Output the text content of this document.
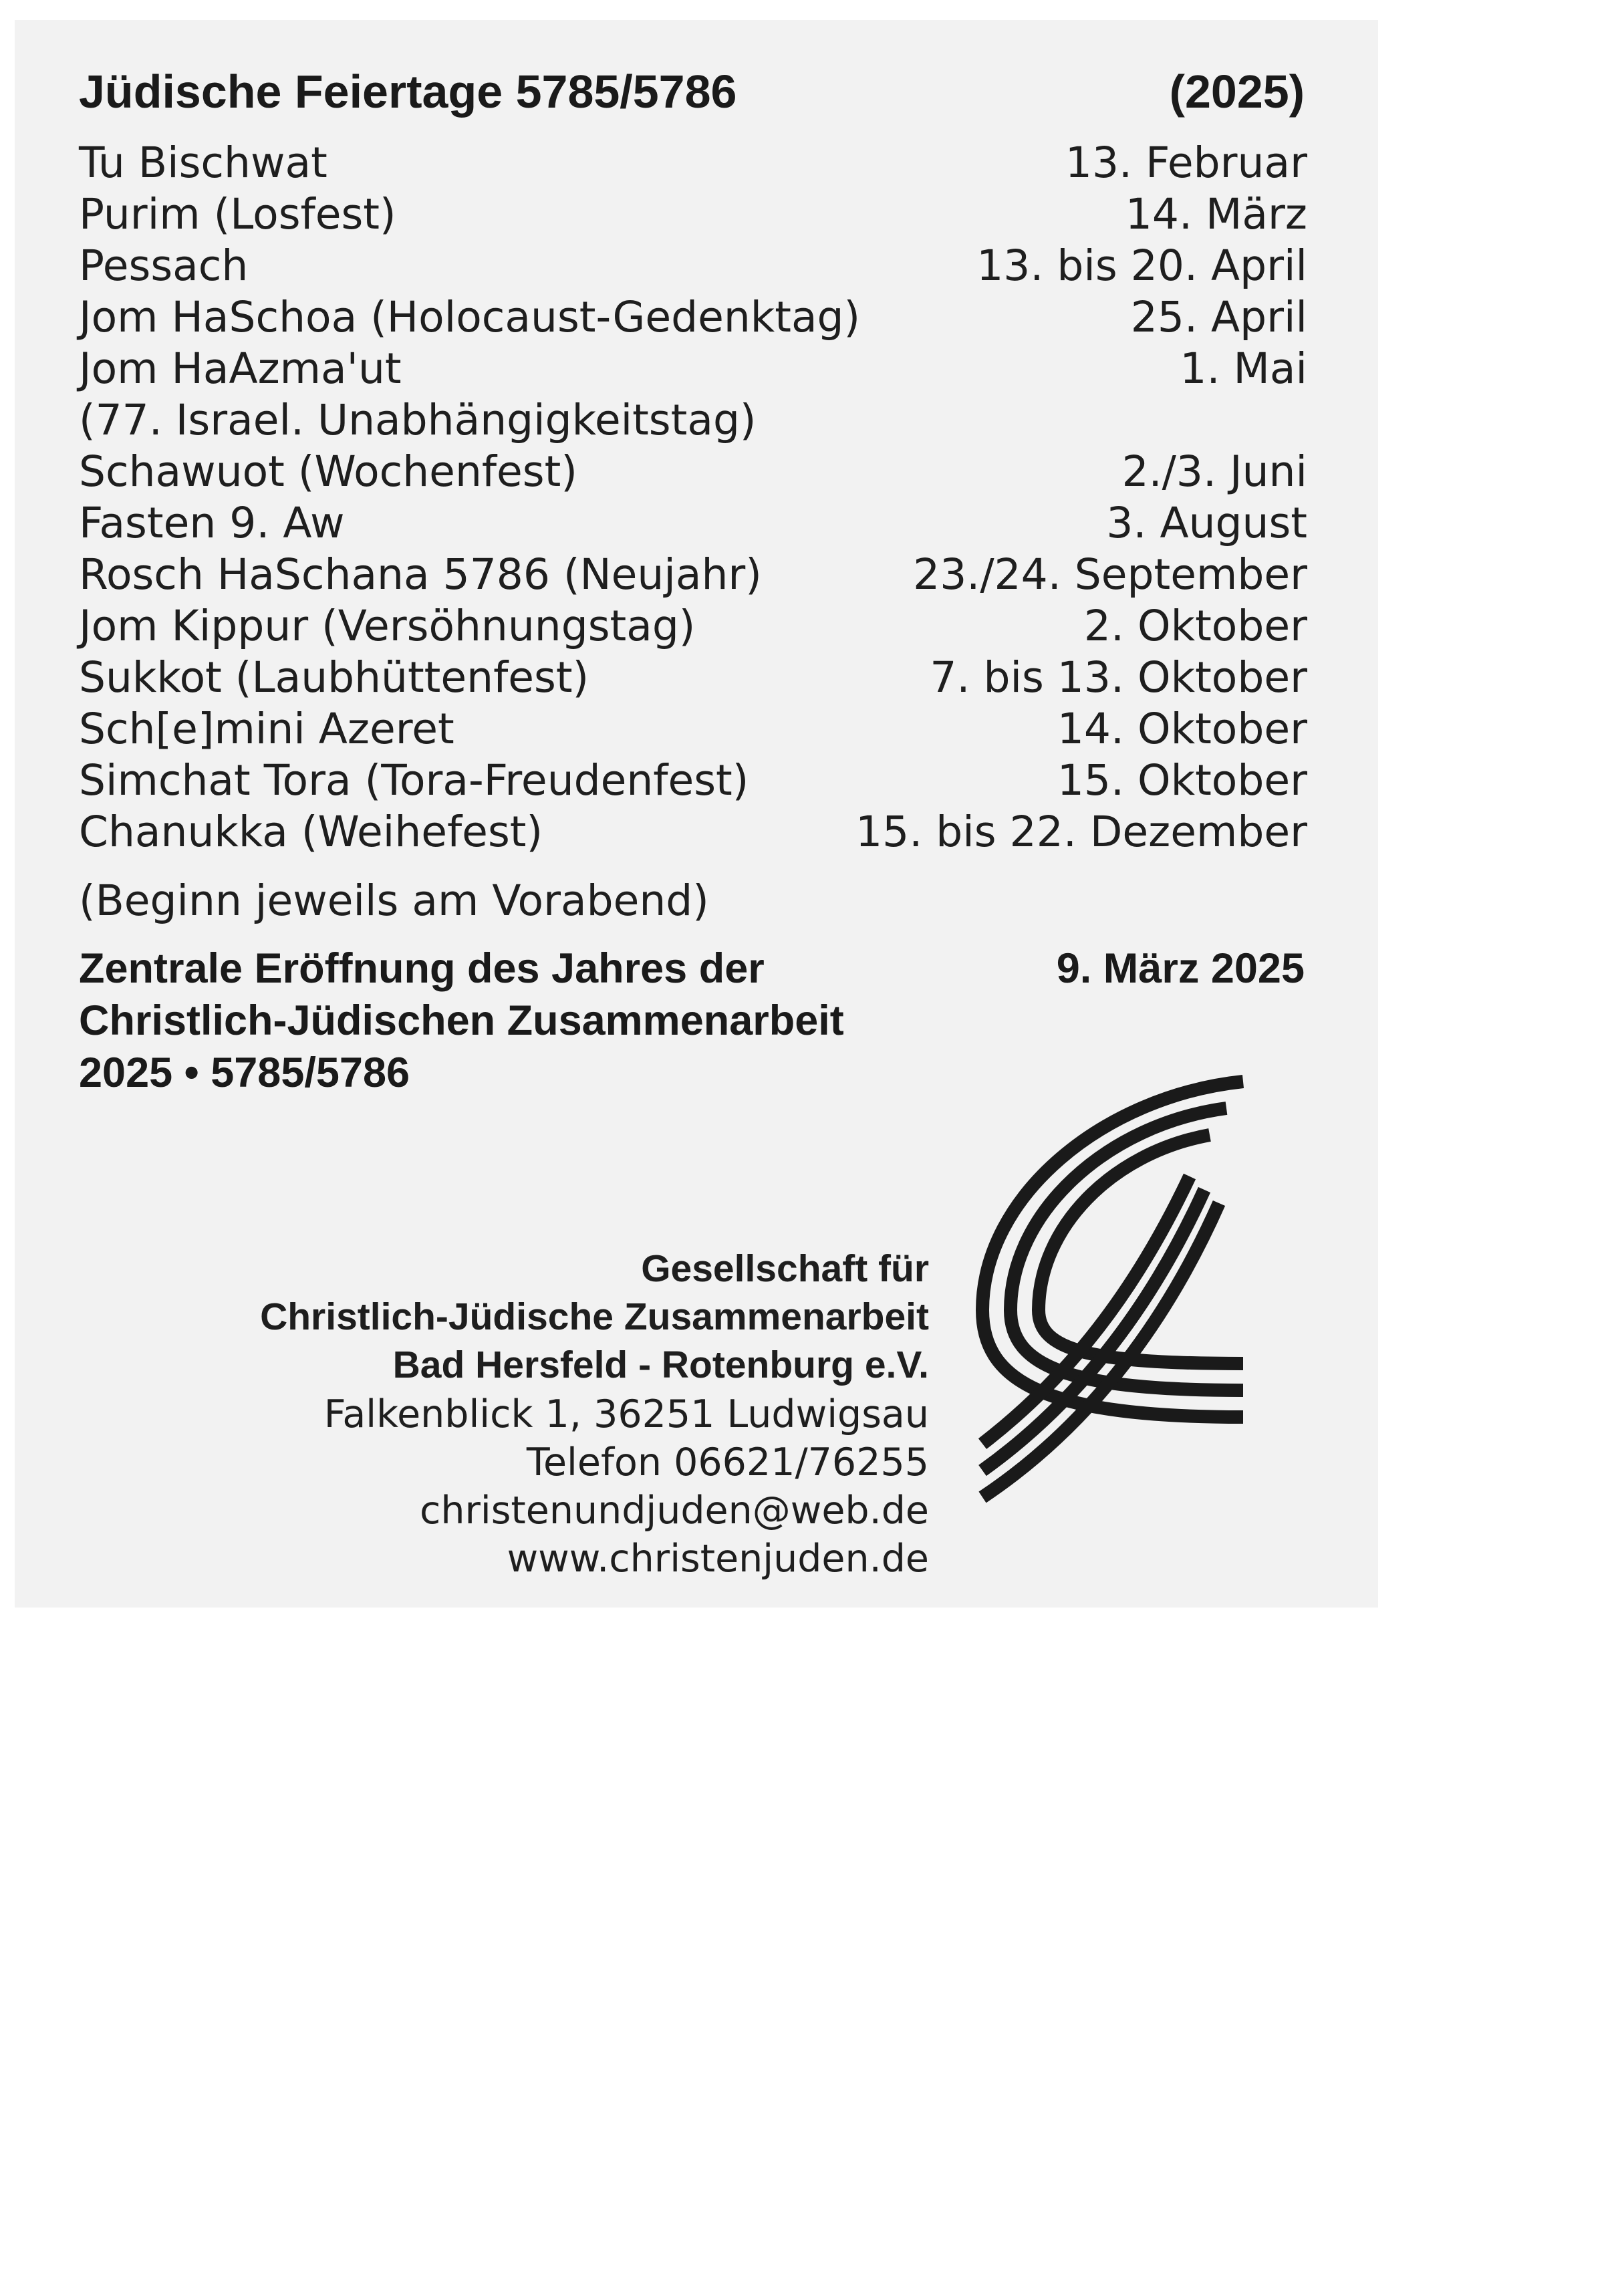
Jüdische Feiertage 5785/5786	(2025)
Tu Bischwat	13. Februar
Purim (Losfest)	14. März
Pessach	13. bis 20. April
Jom HaSchoa (Holocaust-Gedenktag)	25. April
Jom HaAzma'ut	1. Mai
(77. Israel. Unabhängigkeitstag)
Schawuot (Wochenfest)	2./3. Juni
Fasten 9. Aw	3. August
Rosch HaSchana 5786 (Neujahr)	23./24. September
Jom Kippur (Versöhnungstag)	2. Oktober
Sukkot (Laubhüttenfest)	7. bis 13. Oktober
Sch[e]mini Azeret	14. Oktober
Simchat Tora (Tora-Freudenfest)	15. Oktober
Chanukka (Weihefest)	15. bis 22. Dezember
(Beginn jeweils am Vorabend)
Zentrale Eröffnung des Jahres der
Christlich-Jüdischen Zusammenarbeit
2025 • 5785/5786
9. März 2025
Gesellschaft für
Christlich-Jüdische Zusammenarbeit
Bad Hersfeld - Rotenburg e.V.
Falkenblick 1, 36251 Ludwigsau
Telefon 06621/76255
christenundjuden@web.de
www.christenjuden.de
